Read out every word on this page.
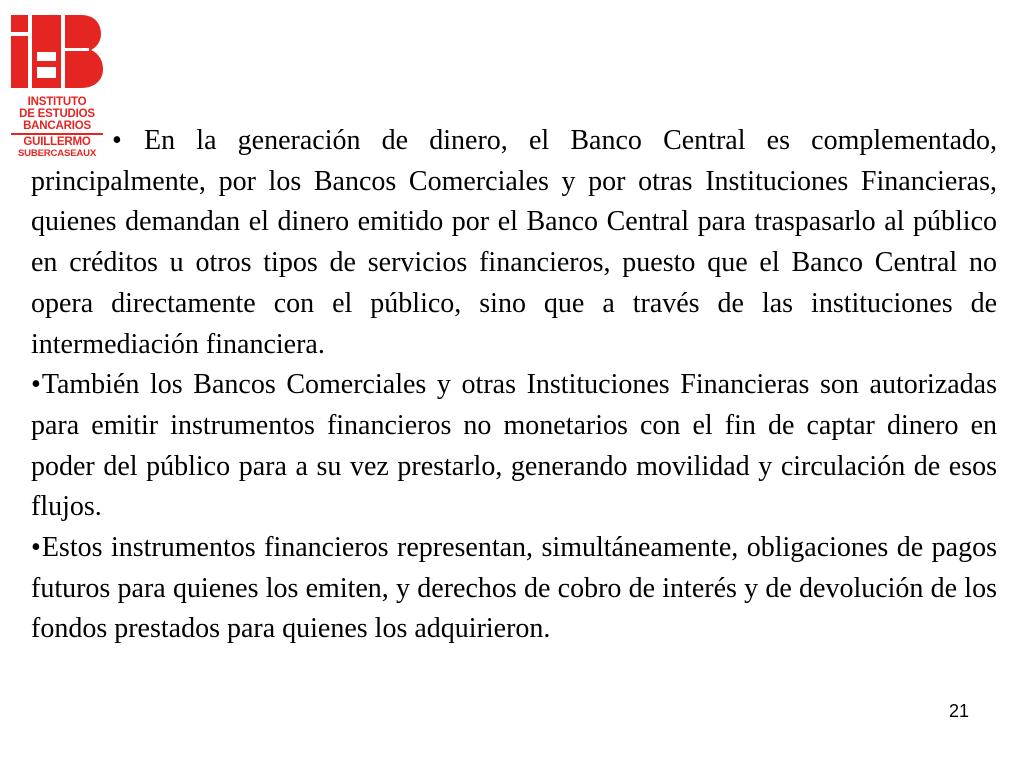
INSTITUTO
DE ESTUDIOS
BANCARIOS
GUILLERMO
SUBERCASEAUX • En la generación de dinero, el Banco Central es complementado, principalmente, por los Bancos Comerciales y por otras Instituciones Financieras, quienes demandan el dinero emitido por el Banco Central para traspasarlo al público en créditos u otros tipos de servicios financieros, puesto que el Banco Central no opera directamente con el público, sino que a través de las instituciones de intermediación financiera.

•También los Bancos Comerciales y otras Instituciones Financieras son autorizadas para emitir instrumentos financieros no monetarios con el fin de captar dinero en poder del público para a su vez prestarlo, generando movilidad y circulación de esos flujos.

•Estos instrumentos financieros representan, simultáneamente, obligaciones de pagos futuros para quienes los emiten, y derechos de cobro de interés y de devolución de los fondos prestados para quienes los adquirieron.

21
